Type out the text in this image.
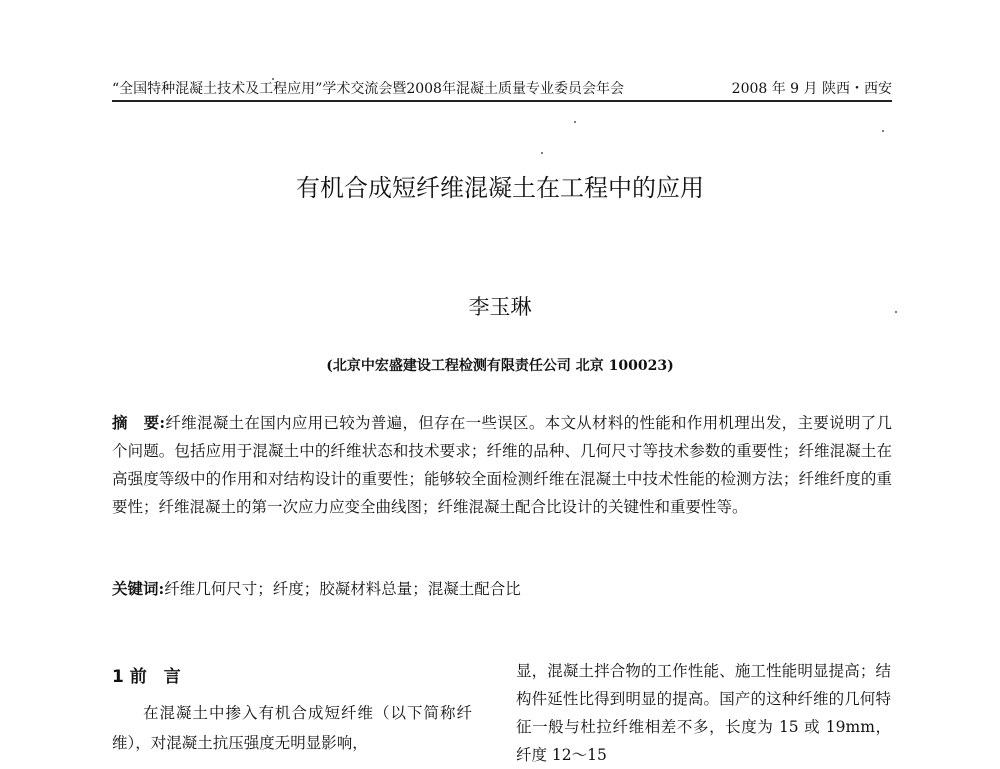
“全国特种混凝土技术及工程应用”学术交流会暨2008年混凝土质量专业委员会年会	2008 年 9 月 陕西・西安
有机合成短纤维混凝土在工程中的应用
李玉琳
(北京中宏盛建设工程检测有限责任公司 北京 100023)
摘　要:纤维混凝土在国内应用已较为普遍，但存在一些误区。本文从材料的性能和作用机理出发，主要说明了几个问题。包括应用于混凝土中的纤维状态和技术要求；纤维的品种、几何尺寸等技术参数的重要性；纤维混凝土在高强度等级中的作用和对结构设计的重要性；能够较全面检测纤维在混凝土中技术性能的检测方法；纤维纤度的重要性；纤维混凝土的第一次应力应变全曲线图；纤维混凝土配合比设计的关键性和重要性等。
关键词:纤维几何尺寸；纤度；胶凝材料总量；混凝土配合比
1 前　言
在混凝土中掺入有机合成短纤维（以下简称纤维），对混凝土抗压强度无明显影响，
显，混凝土拌合物的工作性能、施工性能明显提高；结构件延性比得到明显的提高。国产的这种纤维的几何特征一般与杜拉纤维相差不多，长度为 15 或 19mm，纤度 12～15
